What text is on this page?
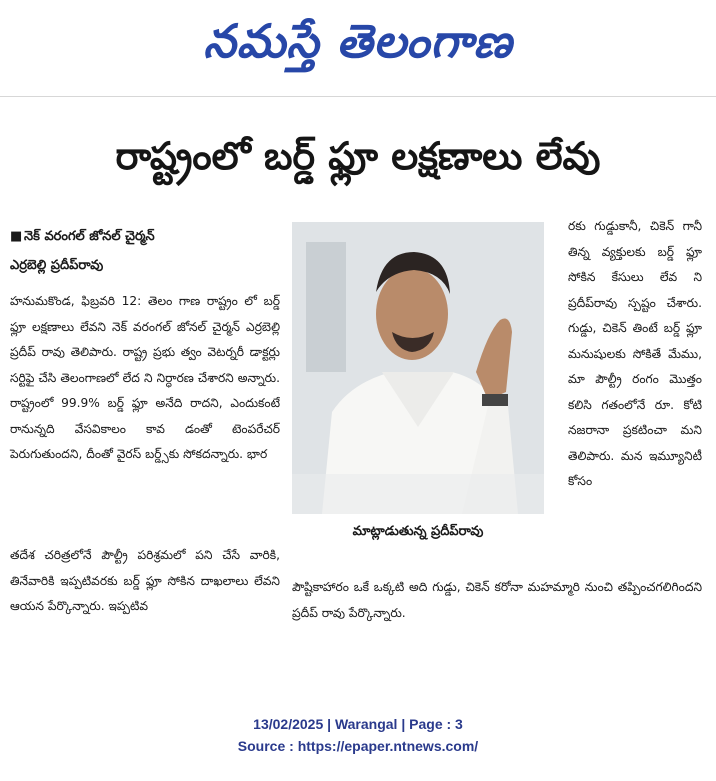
నమస్తే తెలంగాణ
రాష్ట్రంలో బర్డ్ ఫ్లూ లక్షణాలు లేవు
■ నెక్ వరంగల్ జోనల్ చైర్మన్
ఎర్రబెల్లి ప్రదీప్‌రావు

హనుమకొండ, ఫిబ్రవరి 12: తెలం గాణ రాష్ట్రం లో బర్డ్ ఫ్లూ లక్షణాలు లేవని నెక్ వరంగల్ జోనల్ చైర్మన్ ఎర్రబెల్లి ప్రదీప్ రావు తెలిపారు. రాష్ట్ర ప్రభు త్వం వెటర్నరీ డాక్టర్లు సర్టిఫై చేసి తెలంగాణలో లేద ని నిర్ధారణ చేశారని అన్నారు. రాష్ట్రంలో 99.9% బర్డ్ ఫ్లూ అనేది రాదని, ఎందుకంటే రానున్నది వేసవికాలం కావ డంతో టెంపరేచర్ పెరుగుతుందని, దీంతో వైరస్ బర్డ్స్‌కు సోకదన్నారు. భార

మాట్లాడుతున్న ప్రదీప్‌రావు

రకు గుడ్డుకానీ, చికెన్ గానీ తిన్న వ్యక్తులకు బర్డ్ ఫ్లూ సోకిన కేసులు లేవ ని ప్రదీప్‌రావు స్పష్టం చేశారు. గుడ్డు, చికెన్ తింటే బర్డ్ ఫ్లూ మనుషులకు సోకితే మేము, మా పౌల్ట్రీ రంగం మొత్తం కలిసి గతంలోనే రూ. కోటి నజరానా ప్రకటించా మని తెలిపారు. మన ఇమ్యూనిటీ కోసం

తదేశ చరిత్రలోనే పౌల్ట్రీ పరిశ్రమలో పని చేసే వారికి, తినేవారికి ఇప్పటివరకు బర్డ్ ఫ్లూ సోకిన దాఖలాలు లేవని ఆయన పేర్కొన్నారు. ఇప్పటివ

పౌష్టికాహారం ఒకే ఒక్కటి అది గుడ్డు, చికెన్ కరోనా మహమ్మారి నుంచి తప్పించగలిగిందని ప్రదీప్ రావు పేర్కొన్నారు.

13/02/2025 | Warangal | Page : 3
Source : https://epaper.ntnews.com/
